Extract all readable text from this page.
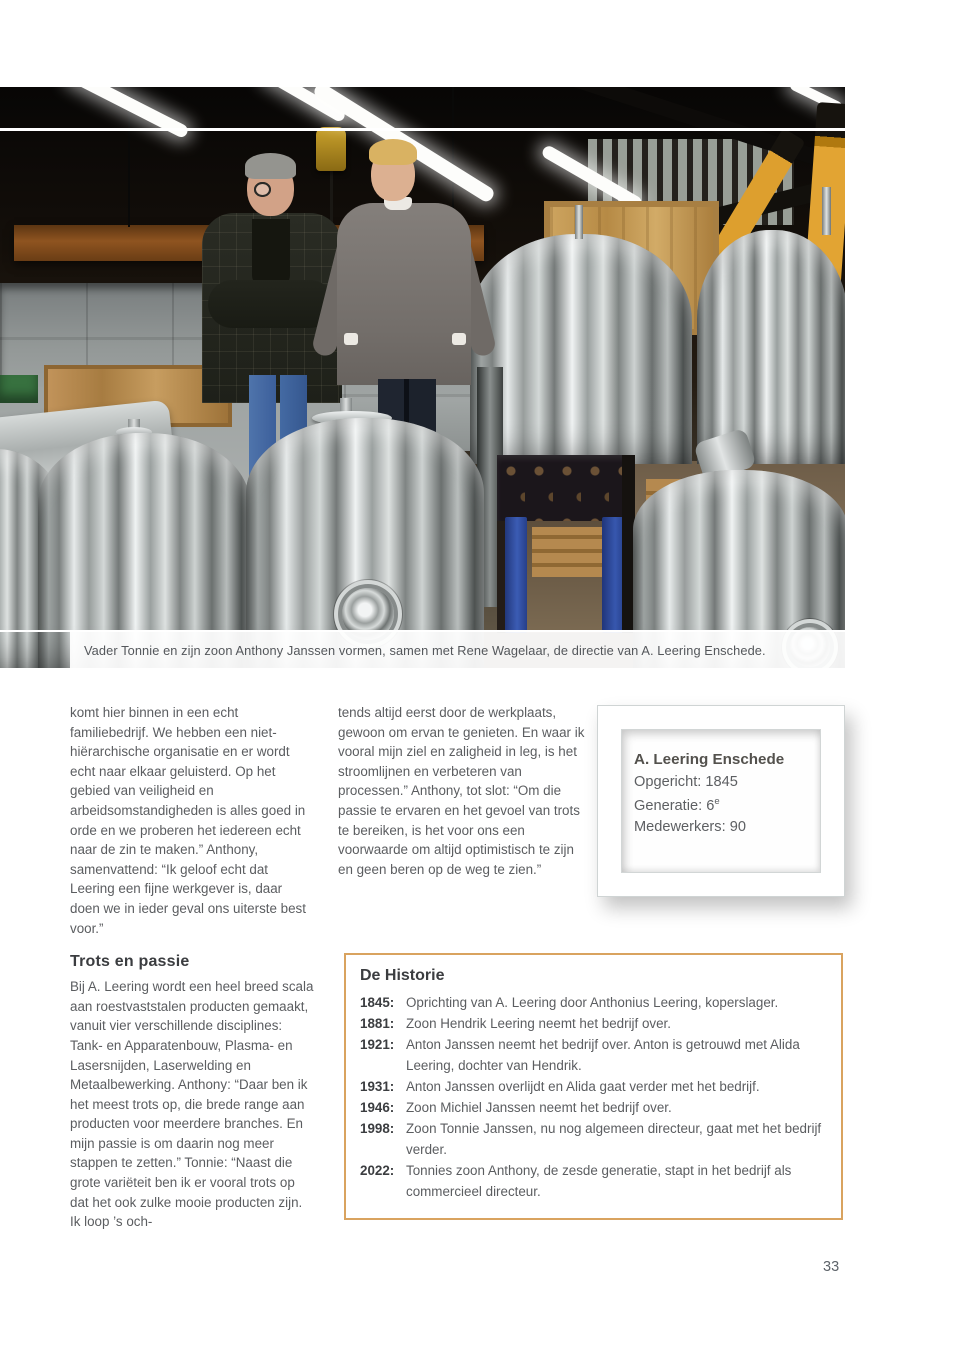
Vader Tonnie en zijn zoon Anthony Janssen vormen, samen met Rene Wagelaar, de directie van A. Leering Enschede.

komt hier binnen in een echt familiebedrijf. We hebben een niet-hiërarchische organisatie en er wordt echt naar elkaar geluisterd. Op het gebied van veiligheid en arbeidsomstandigheden is alles goed in orde en we proberen het iedereen echt naar de zin te maken.” Anthony, samenvattend: “Ik geloof echt dat Leering een fijne werkgever is, daar doen we in ieder geval ons uiterste best voor.”

Trots en passie

Bij A. Leering wordt een heel breed scala aan roestvaststalen producten gemaakt, vanuit vier verschillende disciplines: Tank- en Apparatenbouw, Plasma- en Lasersnijden, Laserwelding en Metaalbewerking. Anthony: “Daar ben ik het meest trots op, die brede range aan producten voor meerdere branches. En mijn passie is om daarin nog meer stappen te zetten.” Tonnie: “Naast die grote variëteit ben ik er vooral trots op dat het ook zulke mooie producten zijn. Ik loop ’s och-

tends altijd eerst door de werkplaats, gewoon om ervan te genieten. En waar ik vooral mijn ziel en zaligheid in leg, is het stroomlijnen en verbeteren van processen.” Anthony, tot slot: “Om die passie te ervaren en het gevoel van trots te bereiken, is het voor ons een voorwaarde om altijd optimistisch te zijn en geen beren op de weg te zien.”

A. Leering Enschede
Opgericht: 1845
Generatie: 6e
Medewerkers: 90
De Historie
1845: Oprichting van A. Leering door Anthonius Leering, koperslager.
1881: Zoon Hendrik Leering neemt het bedrijf over.
1921: Anton Janssen neemt het bedrijf over. Anton is getrouwd met Alida Leering, dochter van Hendrik.
1931: Anton Janssen overlijdt en Alida gaat verder met het bedrijf.
1946: Zoon Michiel Janssen neemt het bedrijf over.
1998: Zoon Tonnie Janssen, nu nog algemeen directeur, gaat met het bedrijf verder.
2022: Tonnies zoon Anthony, de zesde generatie, stapt in het bedrijf als commercieel directeur.
33
